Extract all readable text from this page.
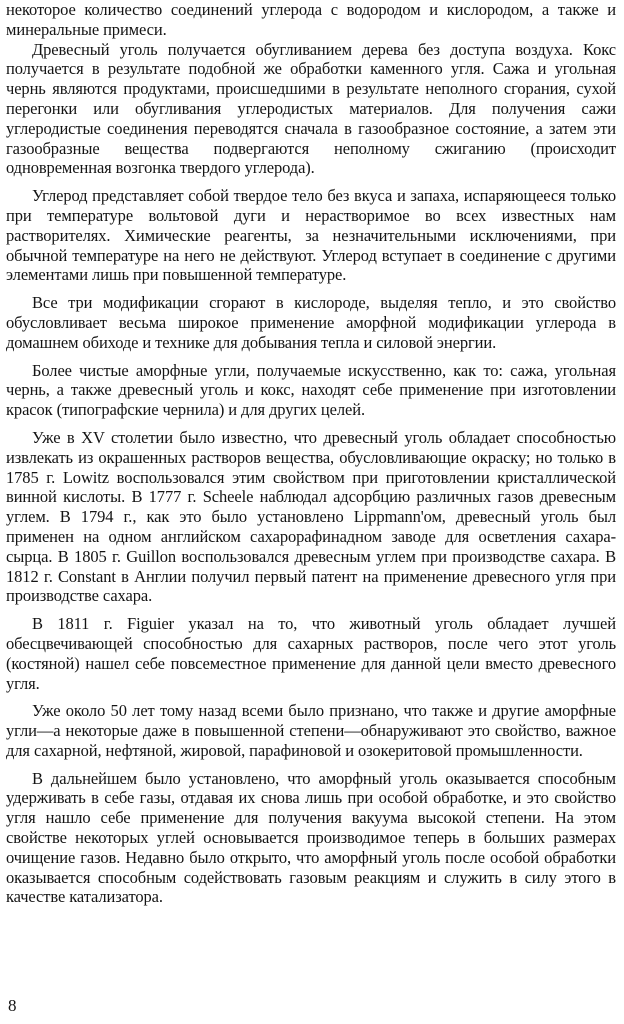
некоторое количество соединений углерода с водородом и кислородом, а также и минеральные примеси.

Древесный уголь получается обугливанием дерева без доступа воздуха. Кокс получается в результате подобной же обработки каменного угля. Сажа и угольная чернь являются продуктами, происшедшими в результате неполного сгорания, сухой перегонки или обугливания углеродистых материалов. Для получения сажи углеродистые соединения переводятся сначала в газообразное состояние, а затем эти газообразные вещества подвергаются неполному сжиганию (происходит одновременная возгонка твердого углерода).

Углерод представляет собой твердое тело без вкуса и запаха, испаряющееся только при температуре вольтовой дуги и нерастворимое во всех известных нам растворителях. Химические реагенты, за незначительными исключениями, при обычной температуре на него не действуют. Углерод вступает в соединение с другими элементами лишь при повышенной температуре.

Все три модификации сгорают в кислороде, выделяя тепло, и это свойство обусловливает весьма широкое применение аморфной модификации углерода в домашнем обиходе и технике для добывания тепла и силовой энергии.

Более чистые аморфные угли, получаемые искусственно, как то: сажа, угольная чернь, а также древесный уголь и кокс, находят себе применение при изготовлении красок (типографские чернила) и для других целей.

Уже в XV столетии было известно, что древесный уголь обладает способностью извлекать из окрашенных растворов вещества, обусловливающие окраску; но только в 1785 г. Lowitz воспользовался этим свойством при приготовлении кристаллической винной кислоты. В 1777 г. Scheele наблюдал адсорбцию различных газов древесным углем. В 1794 г., как это было установлено Lippmann'ом, древесный уголь был применен на одном английском сахарорафинадном заводе для осветления сахара-сырца. В 1805 г. Guillon воспользовался древесным углем при производстве сахара. В 1812 г. Constant в Англии получил первый патент на применение древесного угля при производстве сахара.

В 1811 г. Figuier указал на то, что животный уголь обладает лучшей обесцвечивающей способностью для сахарных растворов, после чего этот уголь (костяной) нашел себе повсеместное применение для данной цели вместо древесного угля.

Уже около 50 лет тому назад всеми было признано, что также и другие аморфные угли—а некоторые даже в повышенной степени—обнаруживают это свойство, важное для сахарной, нефтяной, жировой, парафиновой и озокеритовой промышленности.

В дальнейшем было установлено, что аморфный уголь оказывается способным удерживать в себе газы, отдавая их снова лишь при особой обработке, и это свойство угля нашло себе применение для получения вакуума высокой степени. На этом свойстве некоторых углей основывается производимое теперь в больших размерах очищение газов. Недавно было открыто, что аморфный уголь после особой обработки оказывается способным содействовать газовым реакциям и служить в силу этого в качестве катализатора.

8
